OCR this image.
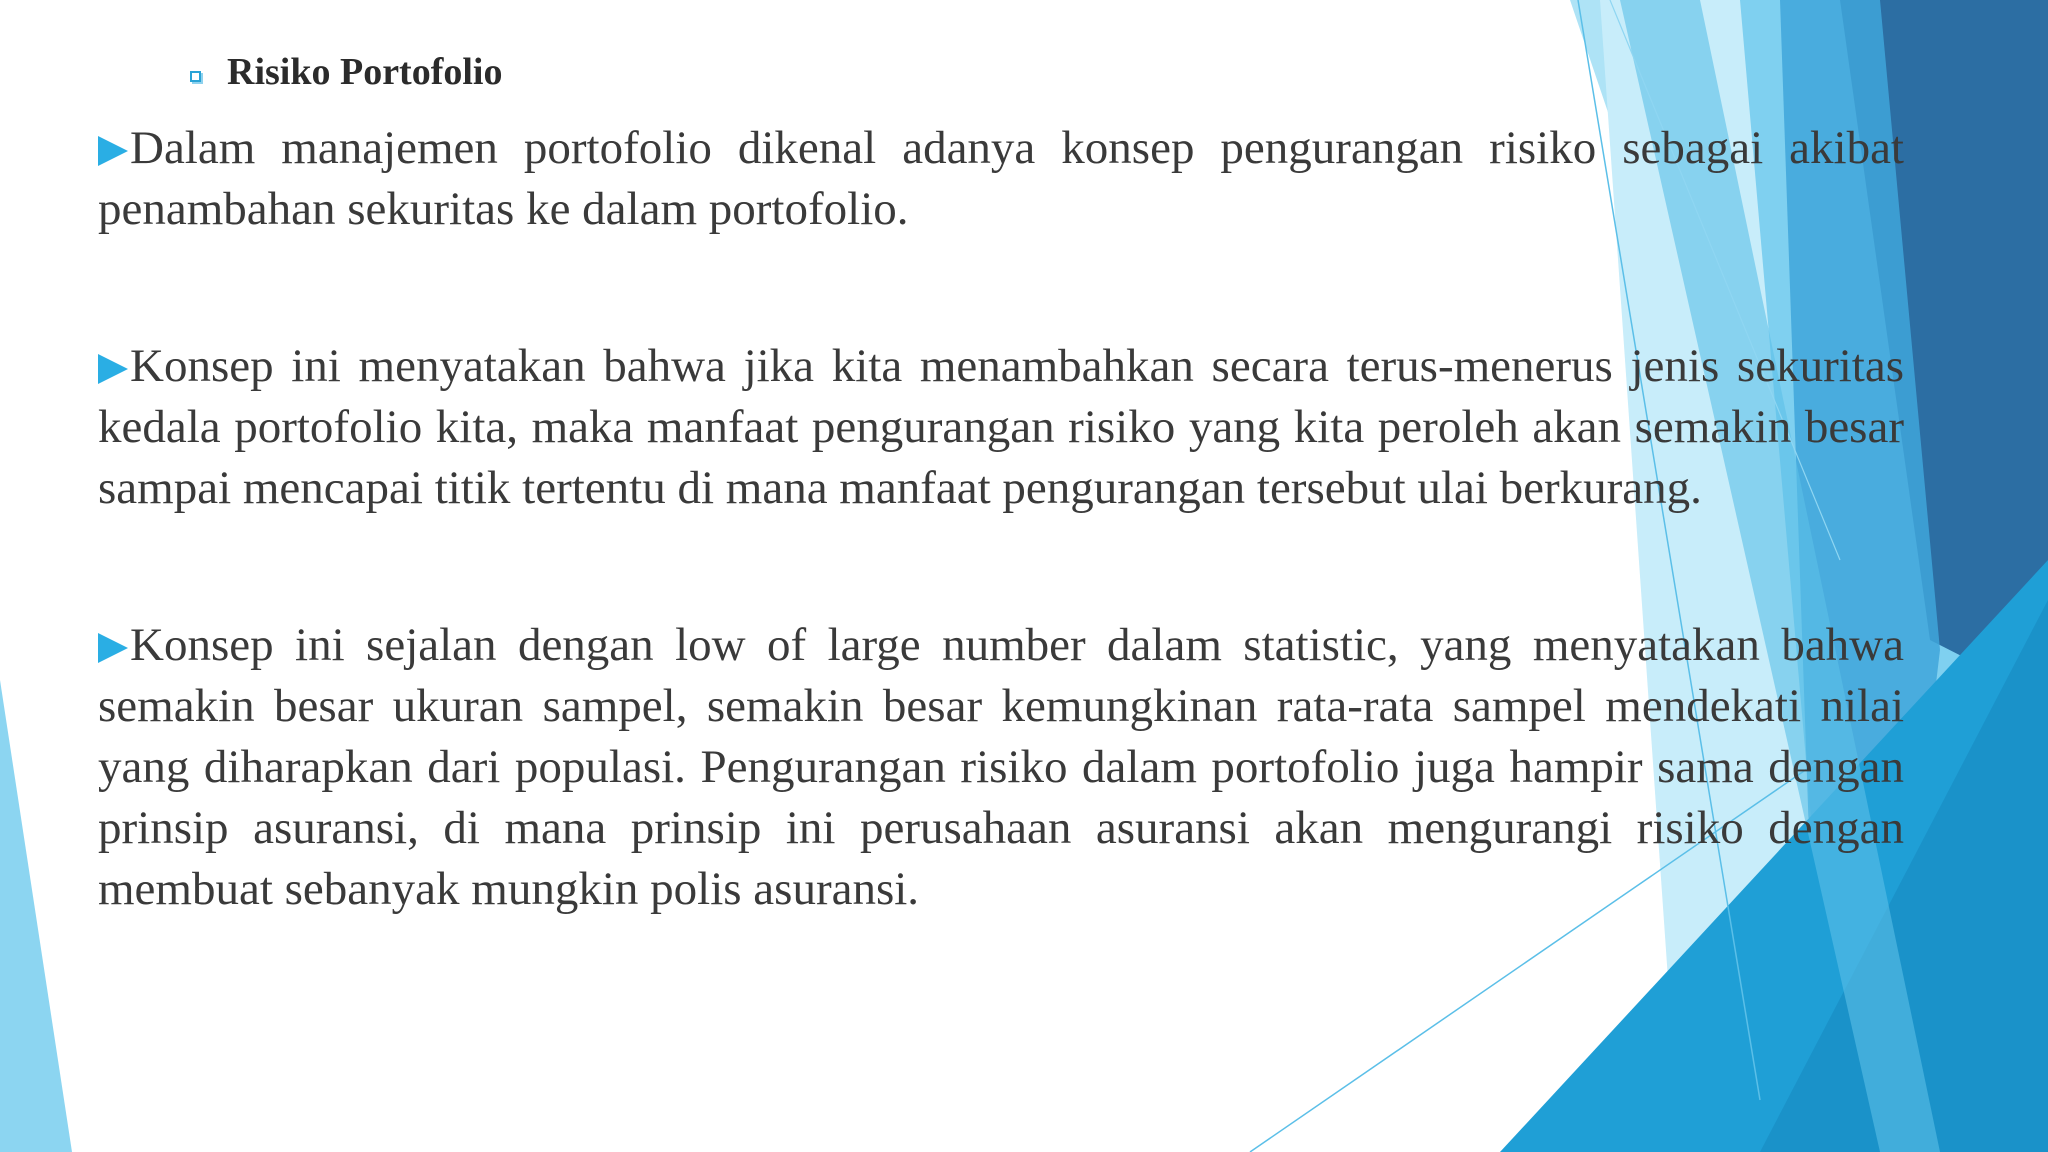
Risiko Portofolio

Dalam manajemen portofolio dikenal adanya konsep pengurangan risiko sebagai akibat penambahan sekuritas ke dalam portofolio.

Konsep ini menyatakan bahwa jika kita menambahkan secara terus-menerus jenis sekuritas kedala portofolio kita, maka manfaat pengurangan risiko yang kita peroleh akan semakin besar sampai mencapai titik tertentu di mana manfaat pengurangan tersebut ulai berkurang.

Konsep ini sejalan dengan low of large number dalam statistic, yang menyatakan bahwa semakin besar ukuran sampel, semakin besar kemungkinan rata-rata sampel mendekati nilai yang diharapkan dari populasi. Pengurangan risiko dalam portofolio juga hampir sama dengan prinsip asuransi, di mana prinsip ini perusahaan asuransi akan mengurangi risiko dengan membuat sebanyak mungkin polis asuransi.
